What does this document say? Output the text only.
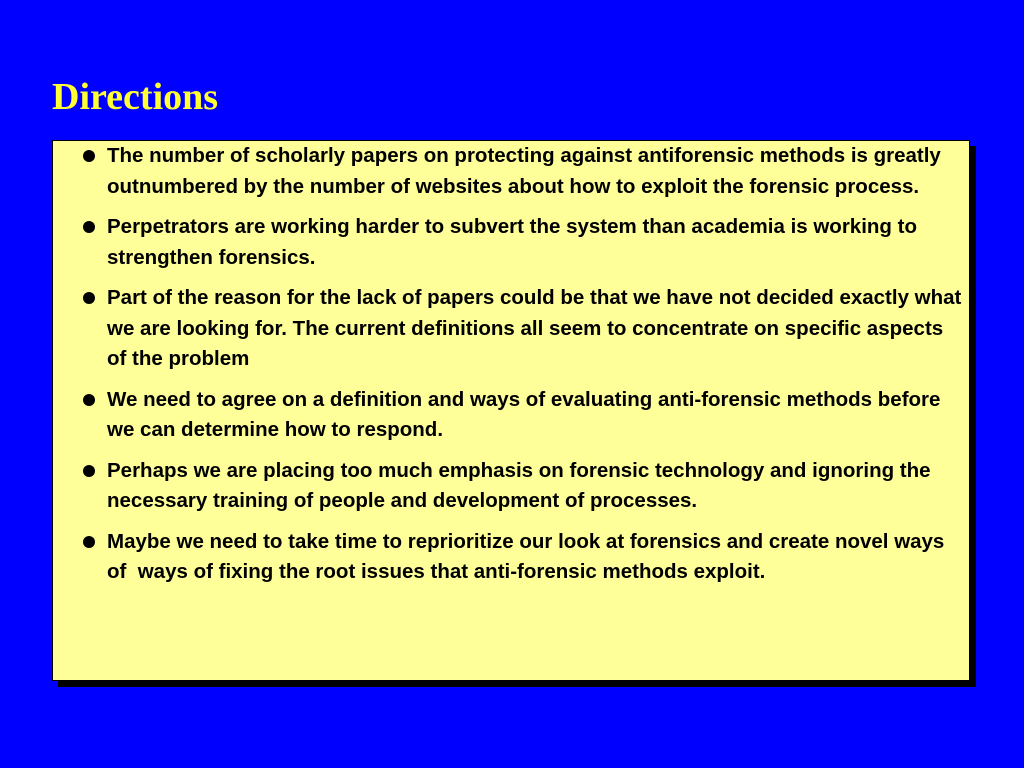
Directions
The number of scholarly papers on protecting against antiforensic methods is greatly outnumbered by the number of websites about how to exploit the forensic process.
Perpetrators are working harder to subvert the system than academia is working to strengthen forensics.
Part of the reason for the lack of papers could be that we have not decided exactly what we are looking for. The current definitions all seem to concentrate on specific aspects of the problem
We need to agree on a definition and ways of evaluating anti-forensic methods before we can determine how to respond.
Perhaps we are placing too much emphasis on forensic technology and ignoring the necessary training of people and development of processes.
Maybe we need to take time to reprioritize our look at forensics and create novel ways of  ways of fixing the root issues that anti-forensic methods exploit.
